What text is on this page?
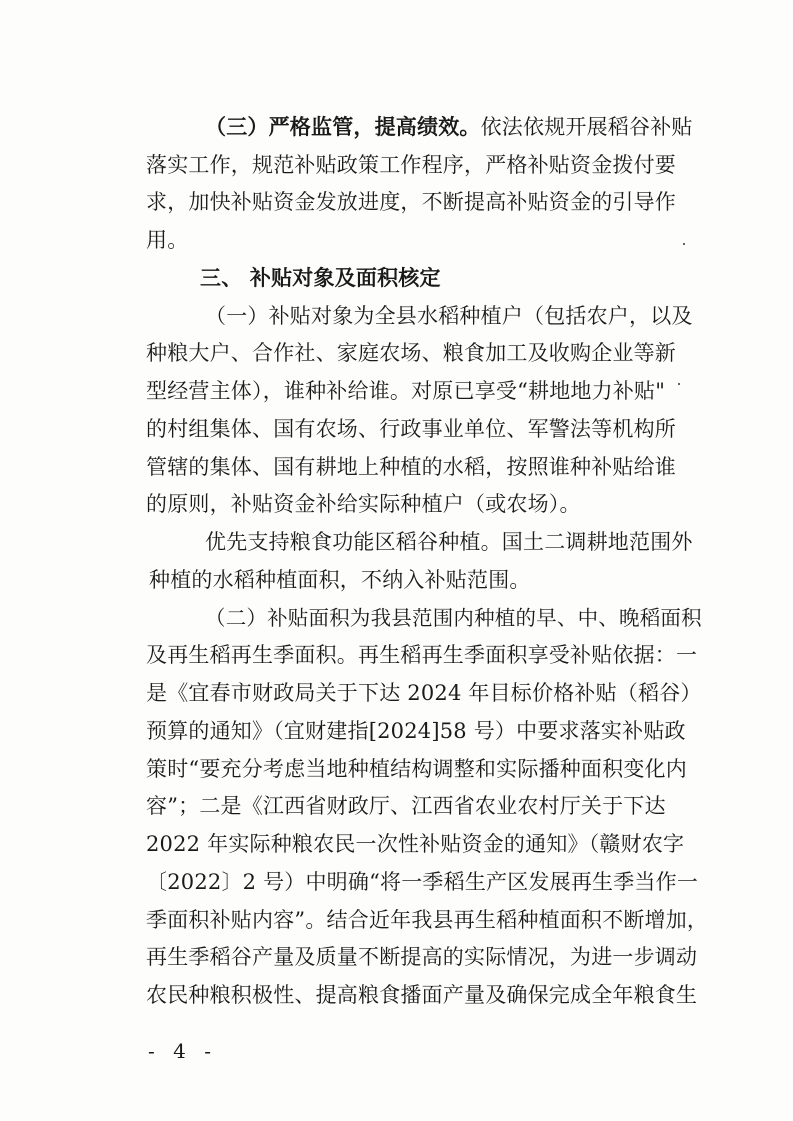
（三）严格监管，提高绩效。依法依规开展稻谷补贴
落实工作，规范补贴政策工作程序，严格补贴资金拨付要
求，加快补贴资金发放进度，不断提高补贴资金的引导作
用。
三、 补贴对象及面积核定
（一）补贴对象为全县水稻种植户（包括农户，以及
种粮大户、合作社、家庭农场、粮食加工及收购企业等新
型经营主体），谁种补给谁。对原已享受“耕地地力补贴"
的村组集体、国有农场、行政事业单位、军警法等机构所
管辖的集体、国有耕地上种植的水稻，按照谁种补贴给谁
的原则，补贴资金补给实际种植户（或农场）。
优先支持粮食功能区稻谷种植。国土二调耕地范围外
种植的水稻种植面积，不纳入补贴范围。
（二）补贴面积为我县范围内种植的早、中、晚稻面积
及再生稻再生季面积。再生稻再生季面积享受补贴依据：一
是《宜春市财政局关于下达 2024 年目标价格补贴（稻谷）
预算的通知》（宜财建指[2024]58 号）中要求落实补贴政
策时“要充分考虑当地种植结构调整和实际播种面积变化内
容”；二是《江西省财政厅、江西省农业农村厅关于下达
2022 年实际种粮农民一次性补贴资金的通知》（赣财农字
〔2022〕2 号）中明确“将一季稻生产区发展再生季当作一
季面积补贴内容”。结合近年我县再生稻种植面积不断增加，
再生季稻谷产量及质量不断提高的实际情况，为进一步调动
农民种粮积极性、提高粮食播面产量及确保完成全年粮食生
- 4 -
